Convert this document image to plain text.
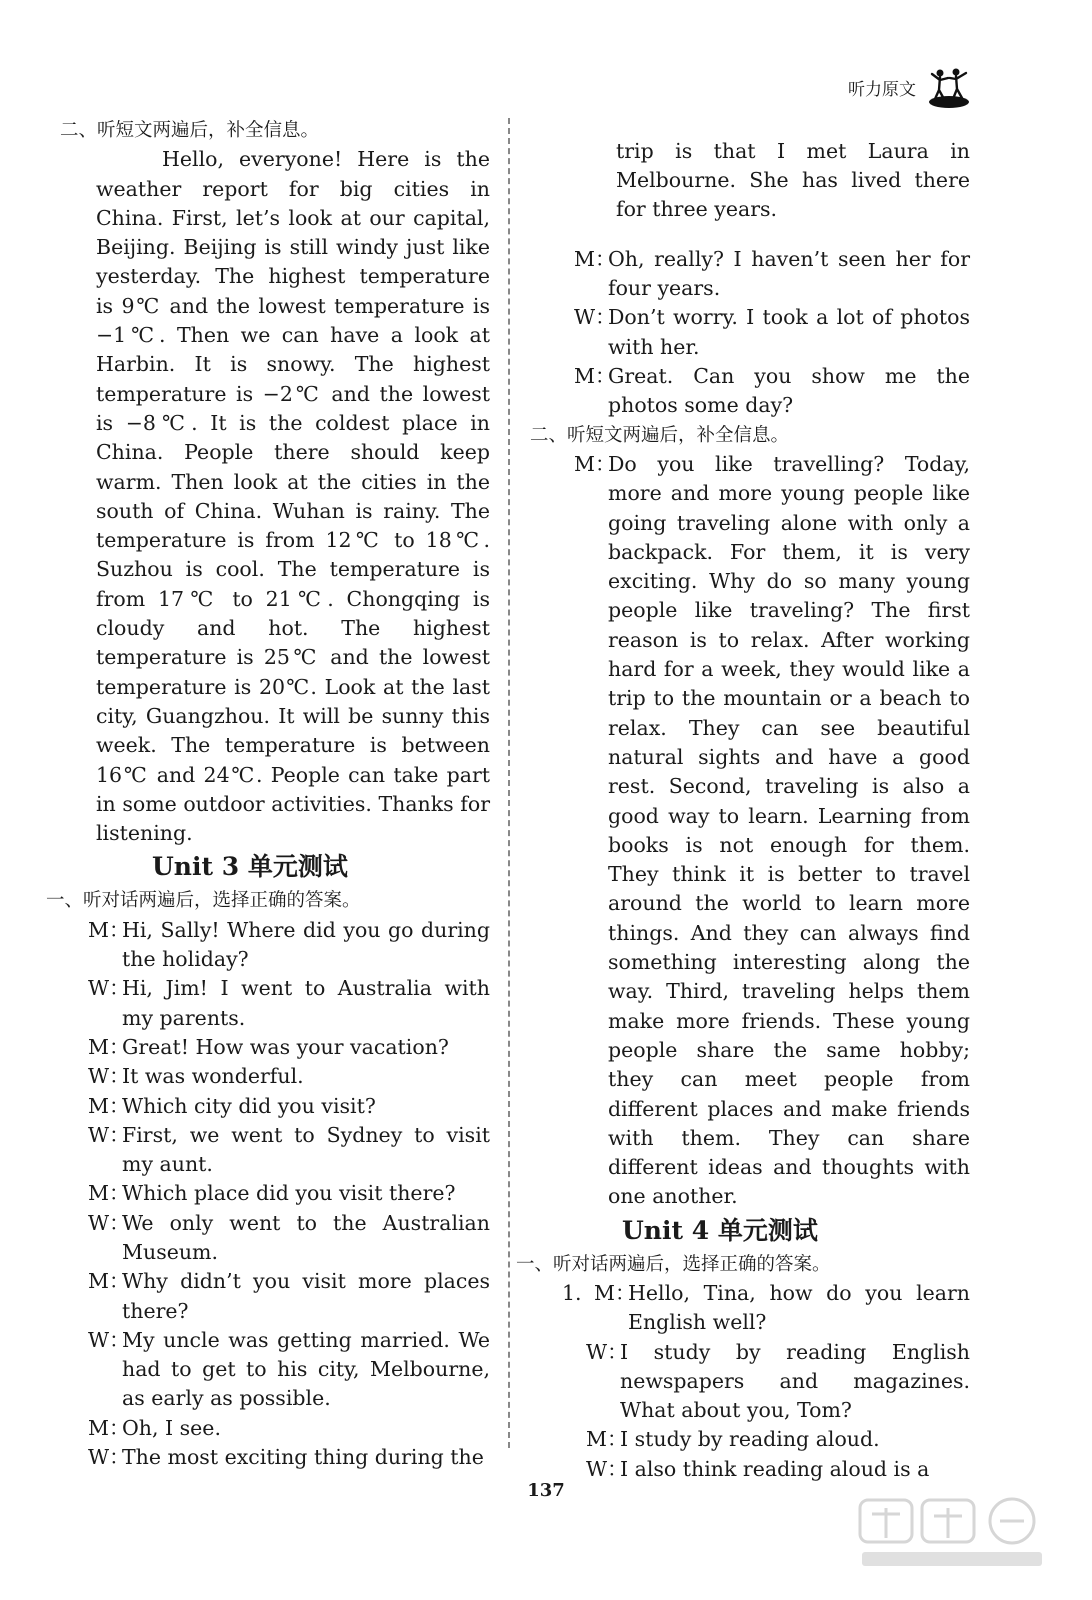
听力原文
二、听短文两遍后，补全信息。

Hello, everyone! Here is the weather report for big cities in China. First, let’s look at our capital, Beijing. Beijing is still windy just like yesterday. The highest temperature is 9℃ and the lowest temperature is −1℃. Then we can have a look at Harbin. It is snowy. The highest temperature is −2℃ and the lowest is −8℃. It is the coldest place in China. People there should keep warm. Then look at the cities in the south of China. Wuhan is rainy. The temperature is from 12℃ to 18℃. Suzhou is cool. The temperature is from 17℃ to 21℃. Chongqing is cloudy and hot. The highest temperature is 25℃ and the lowest temperature is 20℃. Look at the last city, Guangzhou. It will be sunny this week. The temperature is between 16℃ and 24℃. People can take part in some outdoor activities. Thanks for listening.

Unit 3 单元测试
一、听对话两遍后，选择正确的答案。
M：
Hi, Sally! Where did you go during the holiday?
W：
Hi, Jim! I went to Australia with my parents.
M：
Great! How was your vacation?
W：
It was wonderful.
M：
Which city did you visit?
W：
First, we went to Sydney to visit my aunt.
M：
Which place did you visit there?
W：
We only went to the Australian Museum.
M：
Why didn’t you visit more places there?
W：
My uncle was getting married. We had to get to his city, Melbourne, as early as possible.
M：
Oh, I see.
W：
The most exciting thing during the

trip is that I met Laura in Melbourne. She has lived there for three years.

M：
Oh, really? I haven’t seen her for four years.
W：
Don’t worry. I took a lot of photos with her.
M：
Great. Can you show me the photos some day?
二、听短文两遍后，补全信息。
M：
Do you like travelling? Today, more and more young people like going traveling alone with only a backpack. For them, it is very exciting. Why do so many young people like traveling? The first reason is to relax. After working hard for a week, they would like a trip to the mountain or a beach to relax. They can see beautiful natural sights and have a good rest. Second, traveling is also a good way to learn. Learning from books is not enough for them. They think it is better to travel around the world to learn more things. And they can always find something interesting along the way. Third, traveling helps them make more friends. These young people share the same hobby; they can meet people from different places and make friends with them. They can share different ideas and thoughts with one another.
Unit 4 单元测试
一、听对话两遍后，选择正确的答案。
1. M：
Hello, Tina, how do you learn English well?
W：
I study by reading English newspapers and magazines. What about you, Tom?
M：
I study by reading aloud.
W：
I also think reading aloud is a
137
